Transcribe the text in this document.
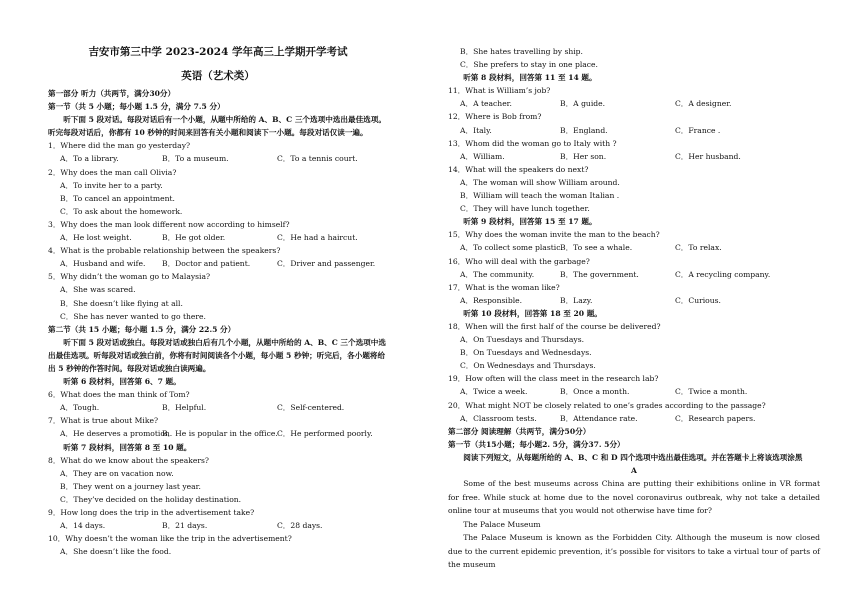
吉安市第三中学 2023-2024 学年高三上学期开学考试
英语（艺术类）
第一部分 听力（共两节，满分30分）
第一节（共 5 小题；每小题 1.5 分，满分 7.5 分）
听下面 5 段对话。每段对话后有一个小题，从题中所给的 A、B、C 三个选项中选出最佳选项。听完每段对话后，你都有 10 秒钟的时间来回答有关小题和阅读下一小题。每段对话仅读一遍。
1．Where did the man go yesterday?
A．To a library.	B．To a museum.	C．To a tennis court.
2．Why does the man call Olivia?
A．To invite her to a party.
B．To cancel an appointment.
C．To ask about the homework.
3．Why does the man look different now according to himself?
A．He lost weight.	B．He got older.	C．He had a haircut.
4．What is the probable relationship between the speakers?
A．Husband and wife.	B．Doctor and patient.	C．Driver and passenger.
5．Why didn’t the woman go to Malaysia?
A．She was scared.
B．She doesn’t like flying at all.
C．She has never wanted to go there.
第二节（共 15 小题；每小题 1.5 分，满分 22.5 分）
听下面 5 段对话或独白。每段对话或独白后有几个小题，从题中所给的 A、B、C 三个选项中选出最佳选项。听每段对话或独白前，你将有时间阅读各个小题，每小题 5 秒钟；听完后，各小题将给出 5 秒钟的作答时间。每段对话或独白读两遍。
听第 6 段材料，回答第 6、7 题。
6．What does the man think of Tom?
A．Tough.	B．Helpful.	C．Self-centered.
7．What is true about Mike?
A．He deserves a promotion.
B．He is popular in the office. C．He performed poorly.
听第 7 段材料，回答第 8 至 10 题。
8．What do we know about the speakers?
A．They are on vacation now.
B．They went on a journey last year.
C．They’ve decided on the holiday destination.
9．How long does the trip in the advertisement take?
A．14 days.	B．21 days.	C．28 days.
10．Why doesn’t the woman like the trip in the advertisement?
A．She doesn’t like the food.
B．She hates travelling by ship.
C．She prefers to stay in one place.
听第 8 段材料，回答第 11 至 14 题。
11．What is William’s job?
A．A teacher.	B．A guide.	C．A designer.
12．Where is Bob from?
A．Italy.	B．England.	C．France .
13．Whom did the woman go to Italy with ?
A．William.	B．Her son.	C．Her husband.
14．What will the speakers do next?
A．The woman will show William around.
B．William will teach the woman Italian .
C．They will have lunch together.
听第 9 段材料，回答第 15 至 17 题。
15．Why does the woman invite the man to the beach?
A．To collect some plastic.
B．To see a whale.	C．To relax.
16．Who will deal with the garbage?
A．The community.	B．The government.	C．A recycling company.
17．What is the woman like?
A．Responsible.	B．Lazy.	C．Curious.
听第 10 段材料，回答第 18 至 20 题。
18．When will the first half of the course be delivered?
A．On Tuesdays and Thursdays.
B．On Tuesdays and Wednesdays.
C．On Wednesdays and Thursdays.
19．How often will the class meet in the research lab?
A．Twice a week.	B．Once a month.	C．Twice a month.
20．What might NOT be closely related to one’s grades according to the passage?
A．Classroom tests.	B．Attendance rate.	C．Research papers.
第二部分 阅读理解（共两节，满分50分）
第一节（共15小题；每小题2. 5分，满分37. 5分）
阅读下列短文，从每题所给的 A、B、C 和 D 四个选项中选出最佳选项。并在答题卡上将该选项涂黑
A
Some of the best museums across China are putting their exhibitions online in VR format for free. While stuck at home due to the novel coronavirus outbreak, why not take a detailed online tour at museums that you would not otherwise have time for?
The Palace Museum
The Palace Museum is known as the Forbidden City. Although the museum is now closed due to the current epidemic prevention, it’s possible for visitors to take a virtual tour of parts of the museum
